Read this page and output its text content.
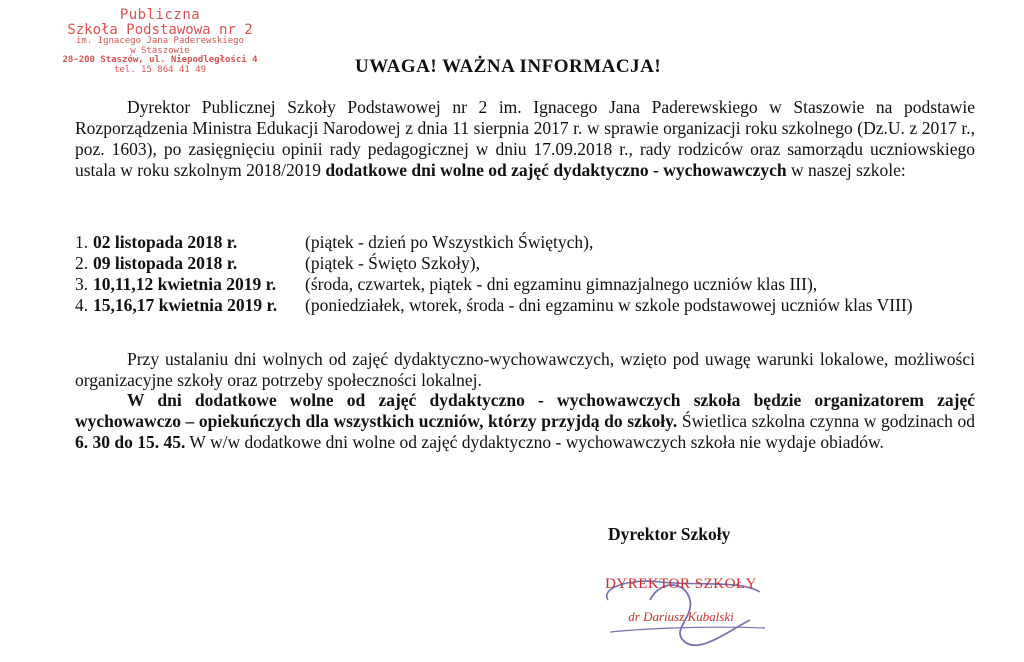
Publiczna
Szkoła Podstawowa nr 2
im. Ignacego Jana Paderewskiego
w Staszowie
28-200 Staszów, ul. Niepodległości 4
tel. 15 864 41 49	UWAGA! WAŻNA INFORMACJA!
Dyrektor Publicznej Szkoły Podstawowej nr 2 im. Ignacego Jana Paderewskiego w Staszowie na podstawie Rozporządzenia Ministra Edukacji Narodowej z dnia 11 sierpnia 2017 r. w sprawie organizacji roku szkolnego (Dz.U. z 2017 r., poz. 1603), po zasięgnięciu opinii rady pedagogicznej w dniu 17.09.2018 r., rady rodziców oraz samorządu uczniowskiego ustala w roku szkolnym 2018/2019 dodatkowe dni wolne od zajęć dydaktyczno - wychowawczych w naszej szkole:
1. 02 listopada 2018 r.	(piątek - dzień po Wszystkich Świętych),
2. 09 listopada 2018 r.	(piątek - Święto Szkoły),
3. 10,11,12 kwietnia 2019 r.	(środa, czwartek, piątek - dni egzaminu gimnazjalnego uczniów klas III),
4. 15,16,17 kwietnia 2019 r.	(poniedziałek, wtorek, środa - dni egzaminu w szkole podstawowej uczniów klas VIII)
Przy ustalaniu dni wolnych od zajęć dydaktyczno-wychowawczych, wzięto pod uwagę warunki lokalowe, możliwości organizacyjne szkoły oraz potrzeby społeczności lokalnej.
W dni dodatkowe wolne od zajęć dydaktyczno - wychowawczych szkoła będzie organizatorem zajęć wychowawczo – opiekuńczych dla wszystkich uczniów, którzy przyjdą do szkoły. Świetlica szkolna czynna w godzinach od 6. 30 do 15. 45. W w/w dodatkowe dni wolne od zajęć dydaktyczno - wychowawczych szkoła nie wydaje obiadów.
Dyrektor Szkoły
DYREKTOR SZKOŁY
dr Dariusz Kubalski
